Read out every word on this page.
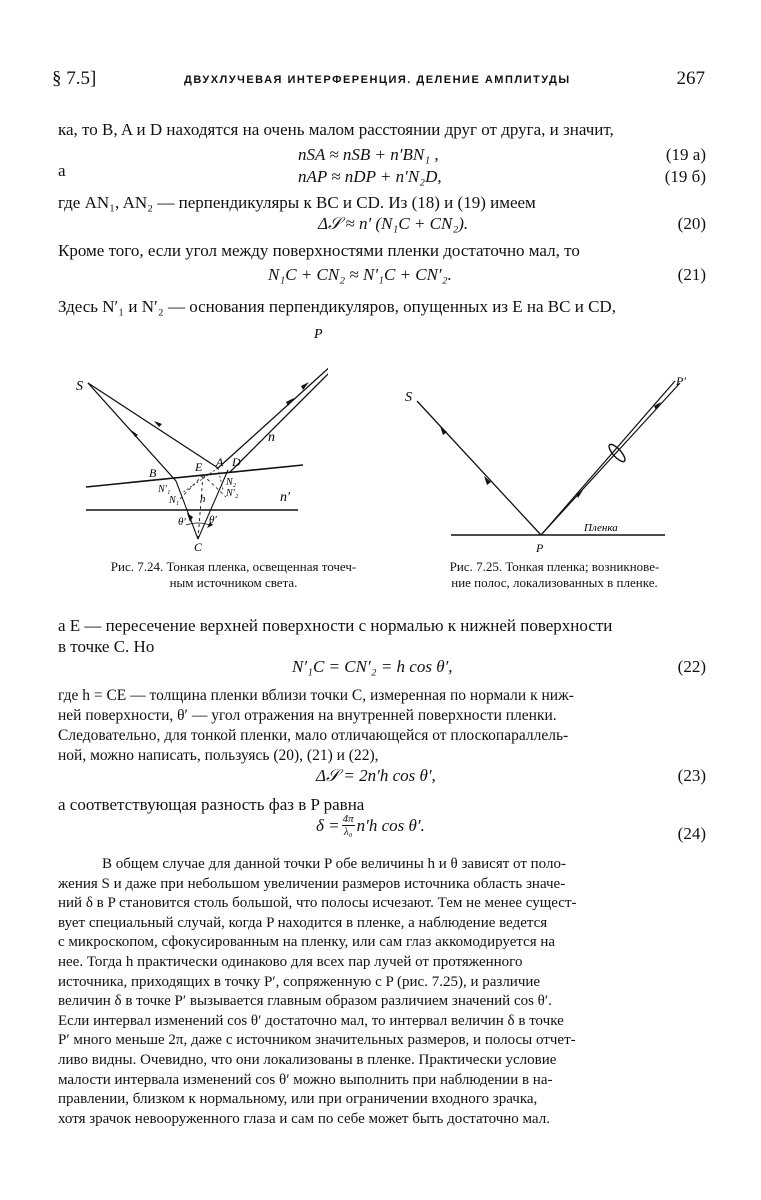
§ 7.5]	ДВУХЛУЧЕВАЯ ИНТЕРФЕРЕНЦИЯ. ДЕЛЕНИЕ АМПЛИТУДЫ	267
ка, то B, A и D находятся на очень малом расстоянии друг от друга, и значит,
nSA ≈ nSB + n′BN₁ ,	(19 а)
а	nAP ≈ nDP + n′N₂D,	(19 б)
где AN₁, AN₂ — перпендикуляры к BC и CD. Из (18) и (19) имеем
Δ𝒮 ≈ n′ (N₁C + CN₂).	(20)
Кроме того, если угол между поверхностями пленки достаточно мал, то
N₁C + CN₂ ≈ N′₁C + CN′₂.	(21)
Здесь N′₁ и N′₂ — основания перпендикуляров, опущенных из E на BC и CD,
S
P
n
n′
B	E A D
N′₁
N₁
N₂
N′₂
h
θ′ θ′
C
S
P′
P
Пленка
Рис. 7.24. Тонкая пленка, освещенная точеч-
ным источником света.
Рис. 7.25. Тонкая пленка; возникнове-
ние полос, локализованных в пленке.
а E — пересечение верхней поверхности с нормалью к нижней поверхности
в точке C. Но
N′₁C = CN′₂ = h cos θ′,	(22)
где h = CE — толщина пленки вблизи точки C, измеренная по нормали к ниж-
ней поверхности, θ′ — угол отражения на внутренней поверхности пленки.
Следовательно, для тонкой пленки, мало отличающейся от плоскопараллель-
ной, можно написать, пользуясь (20), (21) и (22),
Δ𝒮 = 2n′h cos θ′,	(23)
а соответствующая разность фаз в P равна
$\delta = \frac{4\pi}{\text{λ₀}} n'h$ cos θ′.	(24)

В общем случае для данной точки P обе величины h и θ зависят от поло-

жения S и даже при небольшом увеличении размеров источника область значе-

ний δ в P становится столь большой, что полосы исчезают. Тем не менее сущест-

вует специальный случай, когда P находится в пленке, а наблюдение ведется

с микроскопом, сфокусированным на пленку, или сам глаз аккомодируется на

нее. Тогда h практически одинаково для всех пар лучей от протяженного

источника, приходящих в точку P′, сопряженную с P (рис. 7.25), и различие

величин δ в точке P′ вызывается главным образом различием значений cos θ′.

Если интервал изменений cos θ′ достаточно мал, то интервал величин δ в точке

P′ много меньше 2π, даже с источником значительных размеров, и полосы отчет-

ливо видны. Очевидно, что они локализованы в пленке. Практически условие

малости интервала изменений cos θ′ можно выполнить при наблюдении в на-

правлении, близком к нормальному, или при ограничении входного зрачка,

хотя зрачок невооруженного глаза и сам по себе может быть достаточно мал.
